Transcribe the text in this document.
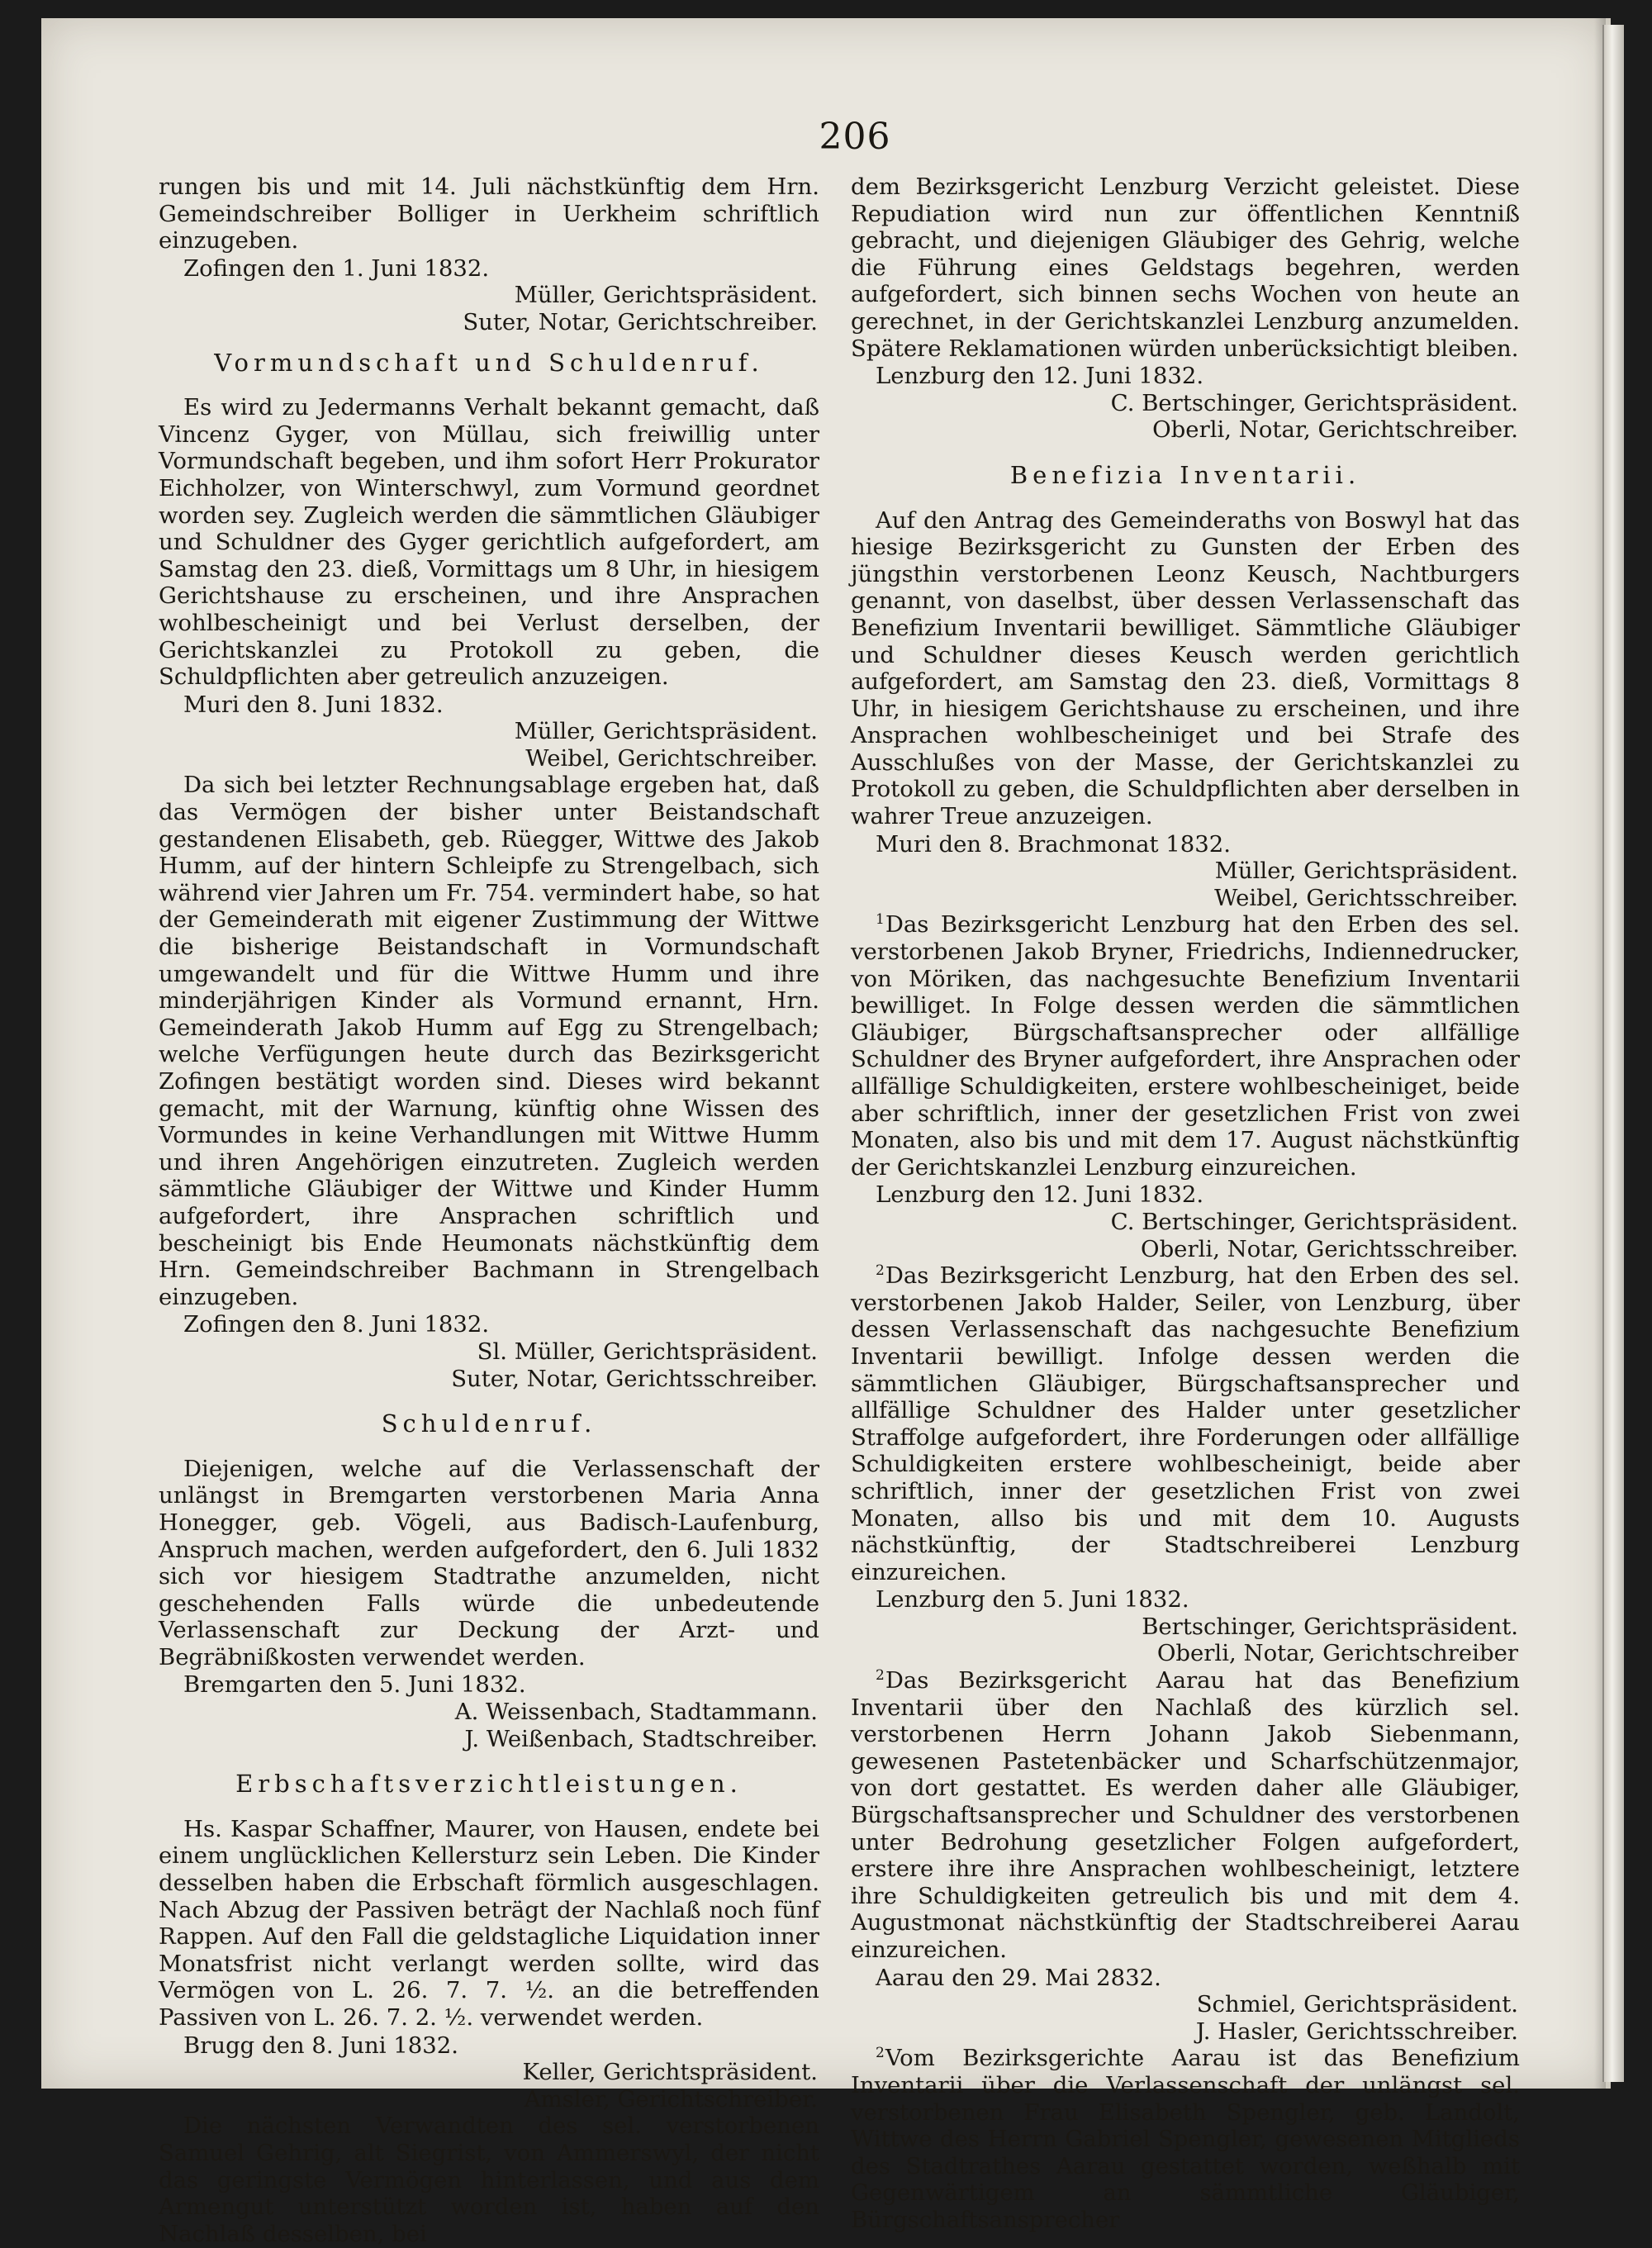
206

rungen bis und mit 14. Juli nächstkünftig dem Hrn. Gemeindschreiber Bolliger in Uerkheim schriftlich einzugeben.

Zofingen den 1. Juni 1832.

Müller, Gerichtspräsident.

Suter, Notar, Gerichtschreiber.

Vormundschaft und Schuldenruf.

Es wird zu Jedermanns Verhalt bekannt gemacht, daß Vincenz Gyger, von Müllau, sich freiwillig unter Vormundschaft begeben, und ihm sofort Herr Prokurator Eichholzer, von Winterschwyl, zum Vormund geordnet worden sey. Zugleich werden die sämmtlichen Gläubiger und Schuldner des Gyger gerichtlich aufgefordert, am Samstag den 23. dieß, Vormittags um 8 Uhr, in hiesigem Gerichtshause zu erscheinen, und ihre Ansprachen wohlbescheinigt und bei Verlust derselben, der Gerichtskanzlei zu Protokoll zu geben, die Schuldpflichten aber getreulich anzuzeigen.

Muri den 8. Juni 1832.

Müller, Gerichtspräsident.

Weibel, Gerichtschreiber.

Da sich bei letzter Rechnungsablage ergeben hat, daß das Vermögen der bisher unter Beistandschaft gestandenen Elisabeth, geb. Rüegger, Wittwe des Jakob Humm, auf der hintern Schleipfe zu Strengelbach, sich während vier Jahren um Fr. 754. vermindert habe, so hat der Gemeinderath mit eigener Zustimmung der Wittwe die bisherige Beistandschaft in Vormundschaft umgewandelt und für die Wittwe Humm und ihre minderjährigen Kinder als Vormund ernannt, Hrn. Gemeinderath Jakob Humm auf Egg zu Strengelbach; welche Verfügungen heute durch das Bezirksgericht Zofingen bestätigt worden sind. Dieses wird bekannt gemacht, mit der Warnung, künftig ohne Wissen des Vormundes in keine Verhandlungen mit Wittwe Humm und ihren Angehörigen einzutreten. Zugleich werden sämmtliche Gläubiger der Wittwe und Kinder Humm aufgefordert, ihre Ansprachen schriftlich und bescheinigt bis Ende Heumonats nächstkünftig dem Hrn. Gemeindschreiber Bachmann in Strengelbach einzugeben.

Zofingen den 8. Juni 1832.

Sl. Müller, Gerichtspräsident.

Suter, Notar, Gerichtsschreiber.

Schuldenruf.

Diejenigen, welche auf die Verlassenschaft der unlängst in Bremgarten verstorbenen Maria Anna Honegger, geb. Vögeli, aus Badisch-Laufenburg, Anspruch machen, werden aufgefordert, den 6. Juli 1832 sich vor hiesigem Stadtrathe anzumelden, nicht geschehenden Falls würde die unbedeutende Verlassenschaft zur Deckung der Arzt- und Begräbnißkosten verwendet werden.

Bremgarten den 5. Juni 1832.

A. Weissenbach, Stadtammann.

J. Weißenbach, Stadtschreiber.

Erbschaftsverzichtleistungen.

Hs. Kaspar Schaffner, Maurer, von Hausen, endete bei einem unglücklichen Kellersturz sein Leben. Die Kinder desselben haben die Erbschaft förmlich ausgeschlagen. Nach Abzug der Passiven beträgt der Nachlaß noch fünf Rappen. Auf den Fall die geldstagliche Liquidation inner Monatsfrist nicht verlangt werden sollte, wird das Vermögen von L. 26. 7. 7. ½. an die betreffenden Passiven von L. 26. 7. 2. ½. verwendet werden.

Brugg den 8. Juni 1832.

Keller, Gerichtspräsident.

Amsler, Gerichtschreiber.

Die nächsten Verwandten des sel. verstorbenen Samuel Gehrig, alt Siegrist, von Ammerswyl, der nicht das geringste Vermögen hinterlassen, und aus dem Armengut unterstützt worden ist, haben auf den Nachlaß desselben, bei

dem Bezirksgericht Lenzburg Verzicht geleistet. Diese Repudiation wird nun zur öffentlichen Kenntniß gebracht, und diejenigen Gläubiger des Gehrig, welche die Führung eines Geldstags begehren, werden aufgefordert, sich binnen sechs Wochen von heute an gerechnet, in der Gerichtskanzlei Lenzburg anzumelden. Spätere Reklamationen würden unberücksichtigt bleiben.

Lenzburg den 12. Juni 1832.

C. Bertschinger, Gerichtspräsident.

Oberli, Notar, Gerichtschreiber.

Benefizia Inventarii.

Auf den Antrag des Gemeinderaths von Boswyl hat das hiesige Bezirksgericht zu Gunsten der Erben des jüngsthin verstorbenen Leonz Keusch, Nachtburgers genannt, von daselbst, über dessen Verlassenschaft das Benefizium Inventarii bewilliget. Sämmtliche Gläubiger und Schuldner dieses Keusch werden gerichtlich aufgefordert, am Samstag den 23. dieß, Vormittags 8 Uhr, in hiesigem Gerichtshause zu erscheinen, und ihre Ansprachen wohlbescheiniget und bei Strafe des Ausschlußes von der Masse, der Gerichtskanzlei zu Protokoll zu geben, die Schuldpflichten aber derselben in wahrer Treue anzuzeigen.

Muri den 8. Brachmonat 1832.

Müller, Gerichtspräsident.

Weibel, Gerichtsschreiber.

$^1$Das Bezirksgericht Lenzburg hat den Erben des sel. verstorbenen Jakob Bryner, Friedrichs, Indiennedrucker, von Möriken, das nachgesuchte Benefizium Inventarii bewilliget. In Folge dessen werden die sämmtlichen Gläubiger, Bürgschaftsansprecher oder allfällige Schuldner des Bryner aufgefordert, ihre Ansprachen oder allfällige Schuldigkeiten, erstere wohlbescheiniget, beide aber schriftlich, inner der gesetzlichen Frist von zwei Monaten, also bis und mit dem 17. August nächstkünftig der Gerichtskanzlei Lenzburg einzureichen.

Lenzburg den 12. Juni 1832.

C. Bertschinger, Gerichtspräsident.

Oberli, Notar, Gerichtsschreiber.

$^2$Das Bezirksgericht Lenzburg, hat den Erben des sel. verstorbenen Jakob Halder, Seiler, von Lenzburg, über dessen Verlassenschaft das nachgesuchte Benefizium Inventarii bewilligt. Infolge dessen werden die sämmtlichen Gläubiger, Bürgschaftsansprecher und allfällige Schuldner des Halder unter gesetzlicher Straffolge aufgefordert, ihre Forderungen oder allfällige Schuldigkeiten erstere wohlbescheinigt, beide aber schriftlich, inner der gesetzlichen Frist von zwei Monaten, allso bis und mit dem 10. Augusts nächstkünftig, der Stadtschreiberei Lenzburg einzureichen.

Lenzburg den 5. Juni 1832.

Bertschinger, Gerichtspräsident.

Oberli, Notar, Gerichtschreiber

$^2$Das Bezirksgericht Aarau hat das Benefizium Inventarii über den Nachlaß des kürzlich sel. verstorbenen Herrn Johann Jakob Siebenmann, gewesenen Pastetenbäcker und Scharfschützenmajor, von dort gestattet. Es werden daher alle Gläubiger, Bürgschaftsansprecher und Schuldner des verstorbenen unter Bedrohung gesetzlicher Folgen aufgefordert, erstere ihre ihre Ansprachen wohlbescheinigt, letztere ihre Schuldigkeiten getreulich bis und mit dem 4. Augustmonat nächstkünftig der Stadtschreiberei Aarau einzureichen.

Aarau den 29. Mai 2832.

Schmiel, Gerichtspräsident.

J. Hasler, Gerichtsschreiber.

$^2$Vom Bezirksgerichte Aarau ist das Benefizium Inventarii über die Verlassenschaft der unlängst sel. verstorbenen Frau Elisabeth Spengler, geb. Landolt, Wittwe des Herrn Gabriel Spengler, gewesenen Mitglieds des Stadtrathes Aarau gestattet worden, weßhalb mit Gegenwärtigem an sämmtliche Gläubiger, Bürgschaftsansprecher
